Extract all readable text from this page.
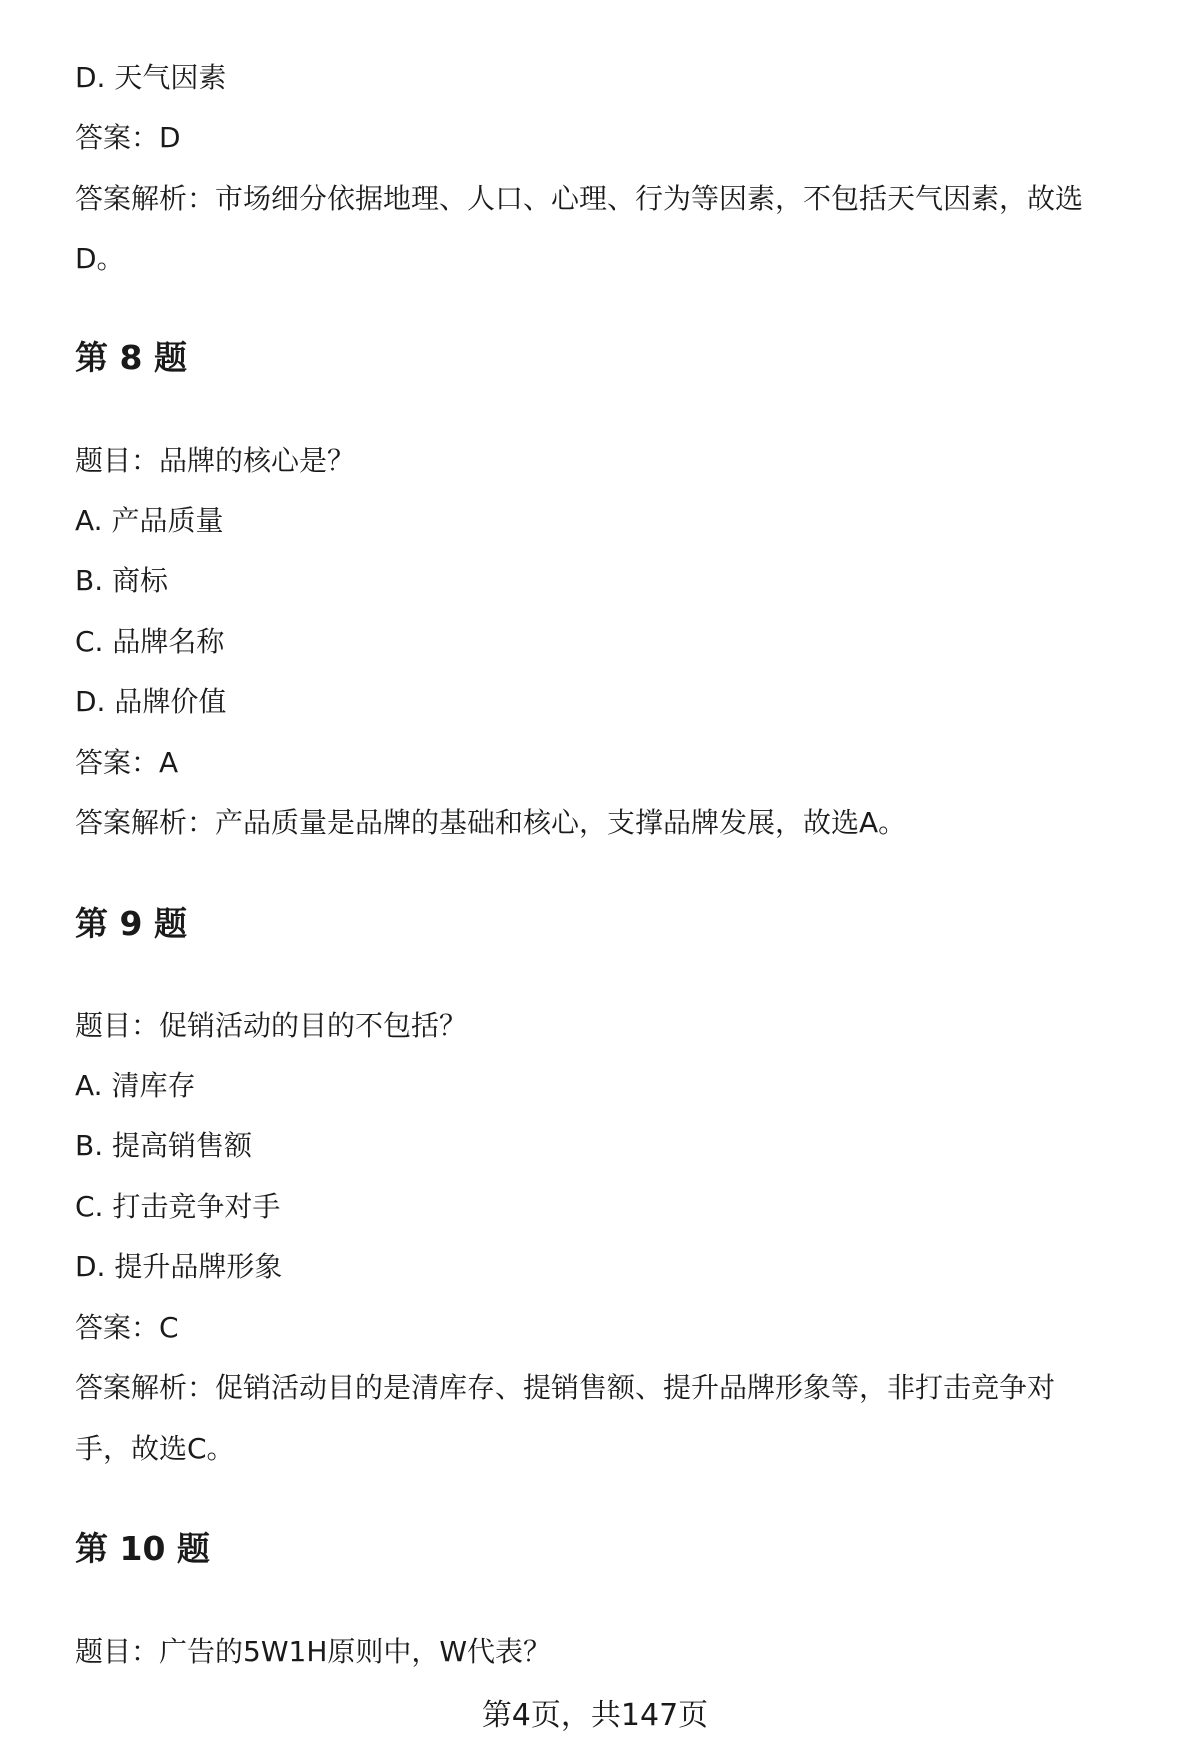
D. 天气因素
答案：D
答案解析：市场细分依据地理、人口、心理、行为等因素，不包括天气因素，故选
D。
第 8 题
题目：品牌的核心是？
A. 产品质量
B. 商标
C. 品牌名称
D. 品牌价值
答案：A
答案解析：产品质量是品牌的基础和核心，支撑品牌发展，故选A。
第 9 题
题目：促销活动的目的不包括？
A. 清库存
B. 提高销售额
C. 打击竞争对手
D. 提升品牌形象
答案：C
答案解析：促销活动目的是清库存、提销售额、提升品牌形象等，非打击竞争对
手，故选C。
第 10 题
题目：广告的5W1H原则中，W代表？
第4页，共147页
